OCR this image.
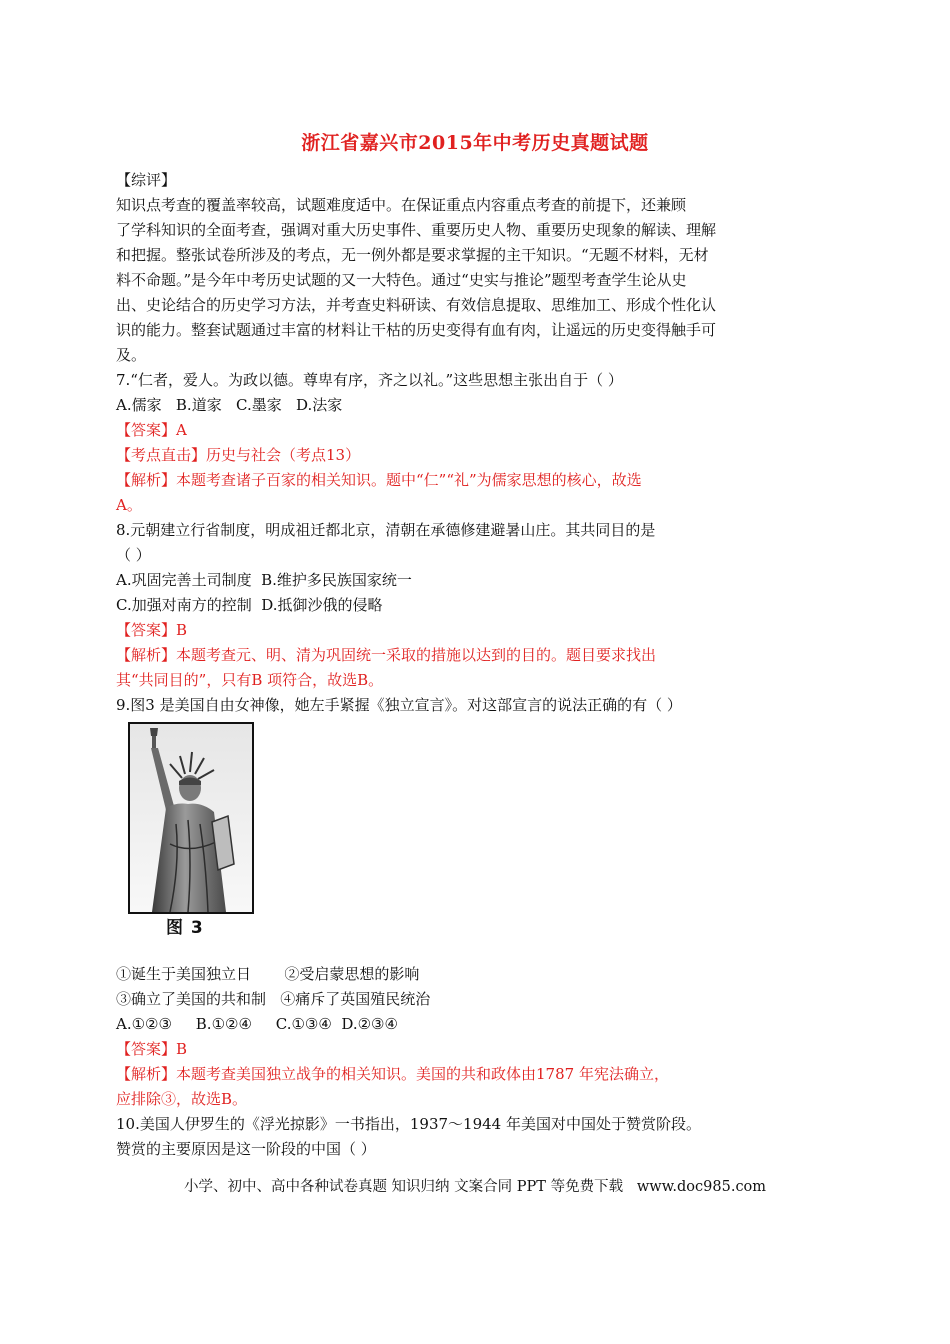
浙江省嘉兴市2015年中考历史真题试题
【综评】
知识点考查的覆盖率较高，试题难度适中。在保证重点内容重点考查的前提下，还兼顾
了学科知识的全面考查，强调对重大历史事件、重要历史人物、重要历史现象的解读、理解
和把握。整张试卷所涉及的考点，无一例外都是要求掌握的主干知识。“无题不材料，无材
料不命题。”是今年中考历史试题的又一大特色。通过“史实与推论”题型考查学生论从史
出、史论结合的历史学习方法，并考查史料研读、有效信息提取、思维加工、形成个性化认
识的能力。整套试题通过丰富的材料让干枯的历史变得有血有肉，让遥远的历史变得触手可
及。
7.“仁者，爱人。为政以德。尊卑有序，齐之以礼。”这些思想主张出自于（ ）
A.儒家   B.道家   C.墨家   D.法家
【答案】A
【考点直击】历史与社会（考点13）
【解析】本题考查诸子百家的相关知识。题中“仁”“礼”为儒家思想的核心，故选
A。
8.元朝建立行省制度，明成祖迁都北京，清朝在承德修建避暑山庄。其共同目的是
（ ）
A.巩固完善土司制度  B.维护多民族国家统一
C.加强对南方的控制  D.抵御沙俄的侵略
【答案】B
【解析】本题考查元、明、清为巩固统一采取的措施以达到的目的。题目要求找出
其“共同目的”，只有B 项符合，故选B。
9.图3 是美国自由女神像，她左手紧握《独立宣言》。对这部宣言的说法正确的有（ ）
图 3
①诞生于美国独立日       ②受启蒙思想的影响
③确立了美国的共和制   ④痛斥了英国殖民统治
A.①②③     B.①②④     C.①③④  D.②③④
【答案】B
【解析】本题考查美国独立战争的相关知识。美国的共和政体由1787 年宪法确立，
应排除③，故选B。
10.美国人伊罗生的《浮光掠影》一书指出，1937～1944 年美国对中国处于赞赏阶段。
赞赏的主要原因是这一阶段的中国（ ）
小学、初中、高中各种试卷真题 知识归纳 文案合同 PPT 等免费下载   www.doc985.com
